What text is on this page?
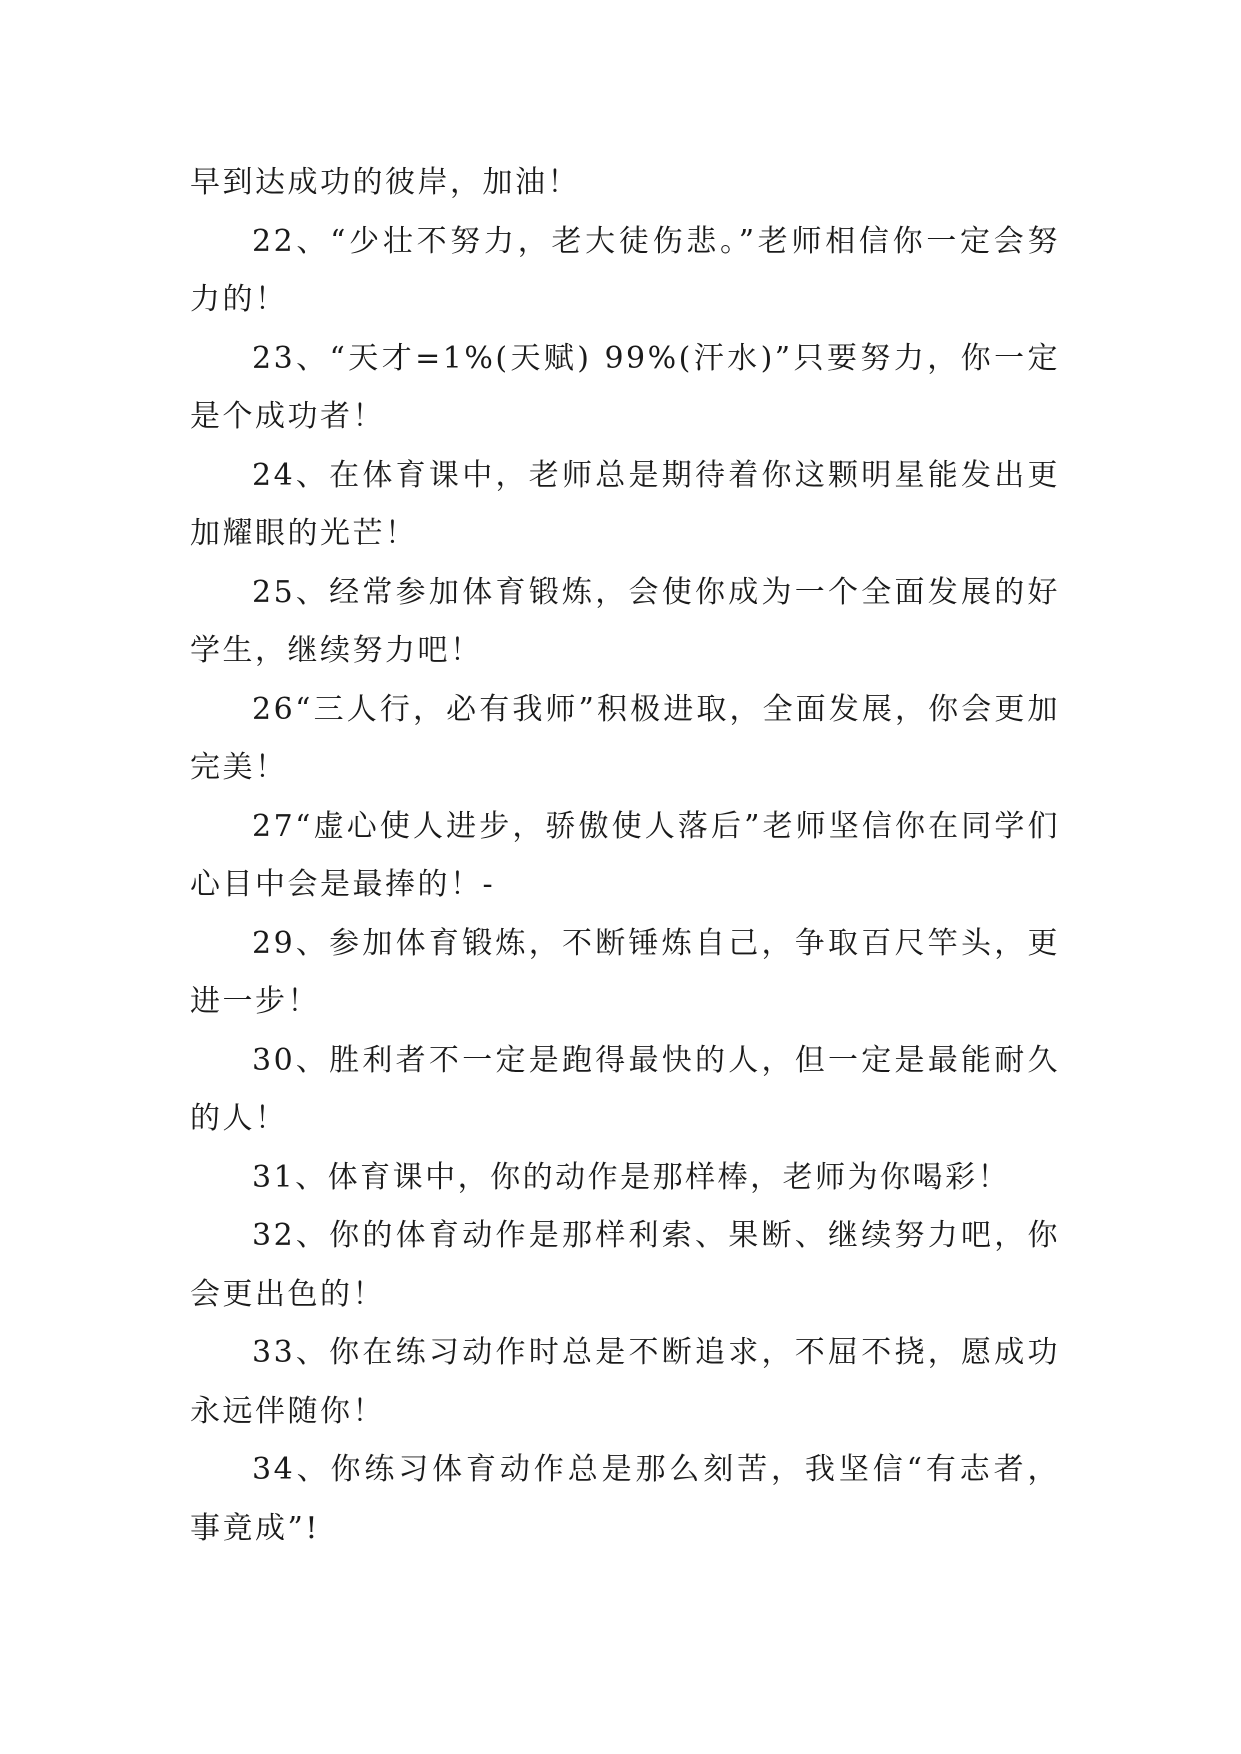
早到达成功的彼岸，加油！

22、“少壮不努力，老大徒伤悲。”老师相信你一定会努力的！

23、“天才=1%(天赋) 99%(汗水)”只要努力，你一定是个成功者！

24、在体育课中，老师总是期待着你这颗明星能发出更加耀眼的光芒！

25、经常参加体育锻炼，会使你成为一个全面发展的好学生，继续努力吧！

26“三人行，必有我师”积极进取，全面发展，你会更加完美！

27“虚心使人进步，骄傲使人落后”老师坚信你在同学们心目中会是最捧的！-

29、参加体育锻炼，不断锤炼自己，争取百尺竿头，更进一步！

30、胜利者不一定是跑得最快的人，但一定是最能耐久的人！

31、体育课中，你的动作是那样棒，老师为你喝彩！

32、你的体育动作是那样利索、果断、继续努力吧，你会更出色的！

33、你在练习动作时总是不断追求，不屈不挠，愿成功永远伴随你！

34、你练习体育动作总是那么刻苦，我坚信“有志者，事竟成”!
